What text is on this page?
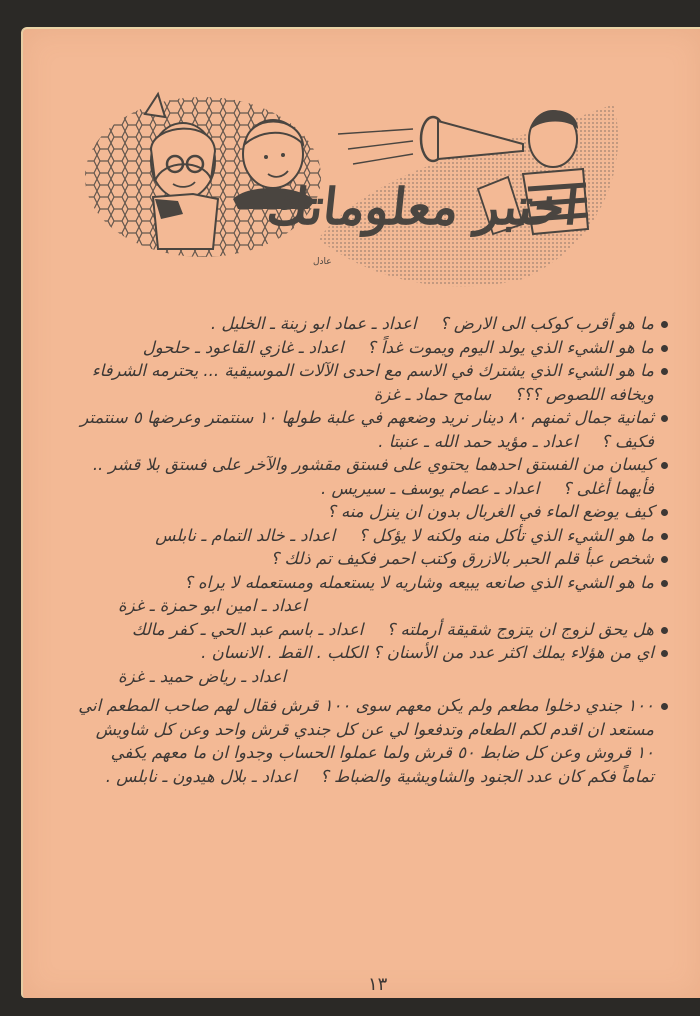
اختبر معلوماتك
عادل

ما هو أقرب كوكب الى الارض ؟ اعداد ـ عماد ابو زينة ـ الخليل .

ما هو الشيء الذي يولد اليوم ويموت غداً ؟ اعداد ـ غازي القاعود ـ حلحول

ما هو الشيء الذي يشترك في الاسم مع احدى الآلات الموسيقية ... يحترمه الشرفاء ويخافه اللصوص ؟؟؟ سامح حماد ـ غزة

ثمانية جمال ثمنهم ٨٠ دينار نريد وضعهم في علبة طولها ١٠ سنتمتر وعرضها ٥ سنتمتر فكيف ؟ اعداد ـ مؤيد حمد الله ـ عنبتا .

كيسان من الفستق احدهما يحتوي على فستق مقشور والآخر على فستق بلا قشر .. فأيهما أغلى ؟ اعداد ـ عصام يوسف ـ سيريس .

كيف يوضع الماء في الغربال بدون ان ينزل منه ؟

ما هو الشيء الذي تأكل منه ولكنه لا يؤكل ؟ اعداد ـ خالد التمام ـ نابلس

شخص عبأ قلم الحبر بالازرق وكتب احمر فكيف تم ذلك ؟

ما هو الشيء الذي صانعه يبيعه وشاريه لا يستعمله ومستعمله لا يراه ؟

اعداد ـ امين ابو حمزة ـ غزة

هل يحق لزوج ان يتزوج شقيقة أرملته ؟ اعداد ـ باسم عبد الحي ـ كفر مالك

اي من هؤلاء يملك اكثر عدد من الأسنان ؟ الكلب . القط . الانسان .

اعداد ـ رياض حميد ـ غزة

١٠٠ جندي دخلوا مطعم ولم يكن معهم سوى ١٠٠ قرش فقال لهم صاحب المطعم اني مستعد ان اقدم لكم الطعام وتدفعوا لي عن كل جندي قرش واحد وعن كل شاويش ١٠ قروش وعن كل ضابط ٥٠ قرش ولما عملوا الحساب وجدوا ان ما معهم يكفي تماماً فكم كان عدد الجنود والشاويشية والضباط ؟ اعداد ـ بلال هيدون ـ نابلس .

١٣
